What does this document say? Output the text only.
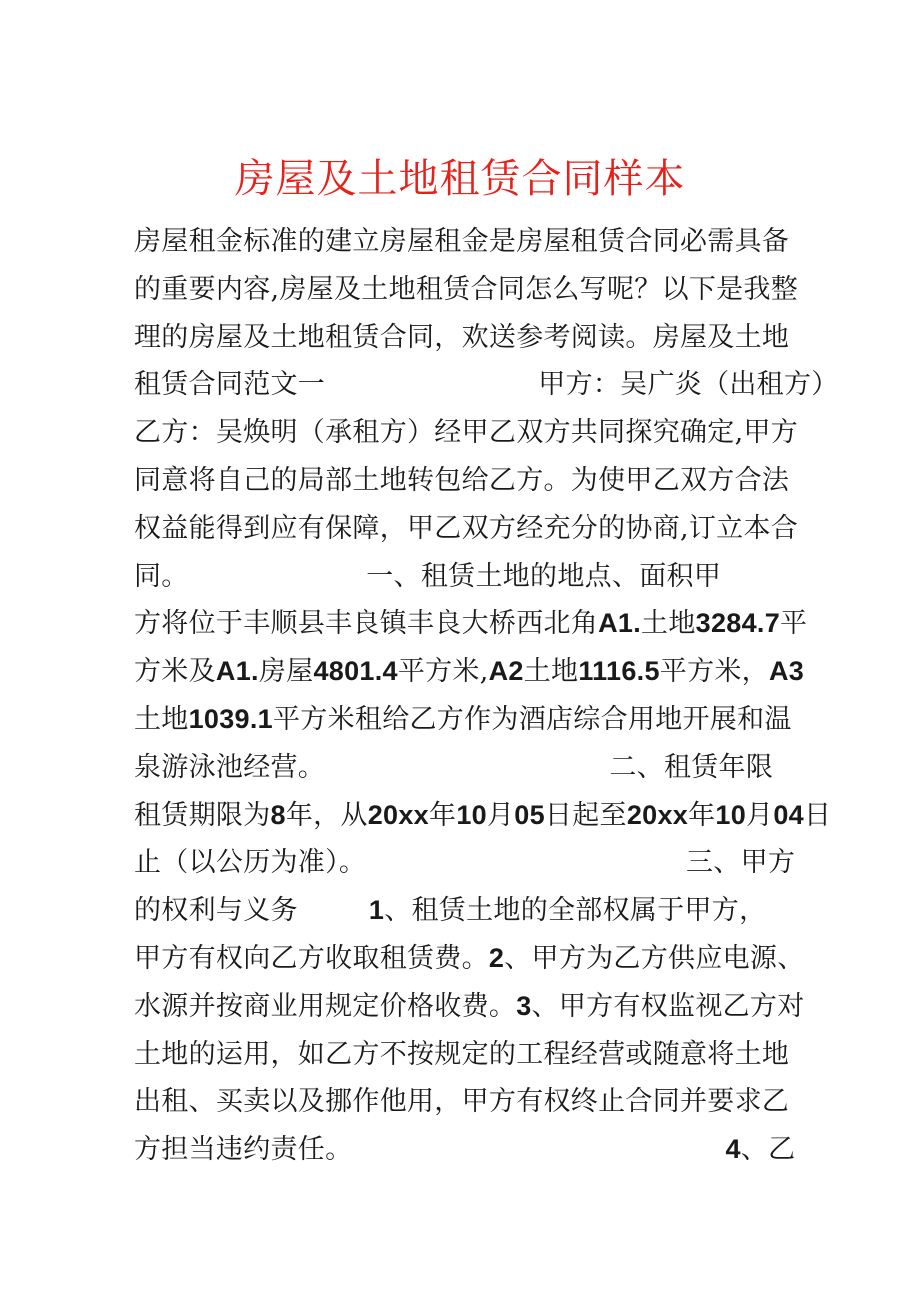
房屋及土地租赁合同样本
房屋租金标准的建立房屋租金是房屋租赁合同必需具备
的重要内容,房屋及土地租赁合同怎么写呢？以下是我整
理的房屋及土地租赁合同，欢送参考阅读。房屋及土地
租赁合同范文一                        甲方：吴广炎（出租方）
乙方：吴焕明（承租方）经甲乙双方共同探究确定,甲方
同意将自己的局部土地转包给乙方。为使甲乙双方合法
权益能得到应有保障，甲乙双方经充分的协商,订立本合
同。                    一、租赁土地的地点、面积甲
方将位于丰顺县丰良镇丰良大桥西北角A1.土地3284.7平
方米及A1.房屋4801.4平方米,A2土地1116.5平方米，A3
土地1039.1平方米租给乙方作为酒店综合用地开展和温
泉游泳池经营。                                二、租赁年限
租赁期限为8年，从20xx年10月05日起至20xx年10月04日
止（以公历为准）。                                    三、甲方
的权利与义务        1、租赁土地的全部权属于甲方，
甲方有权向乙方收取租赁费。2、甲方为乙方供应电源、
水源并按商业用规定价格收费。3、甲方有权监视乙方对
土地的运用，如乙方不按规定的工程经营或随意将土地
出租、买卖以及挪作他用，甲方有权终止合同并要求乙
方担当违约责任。                                          4、乙
